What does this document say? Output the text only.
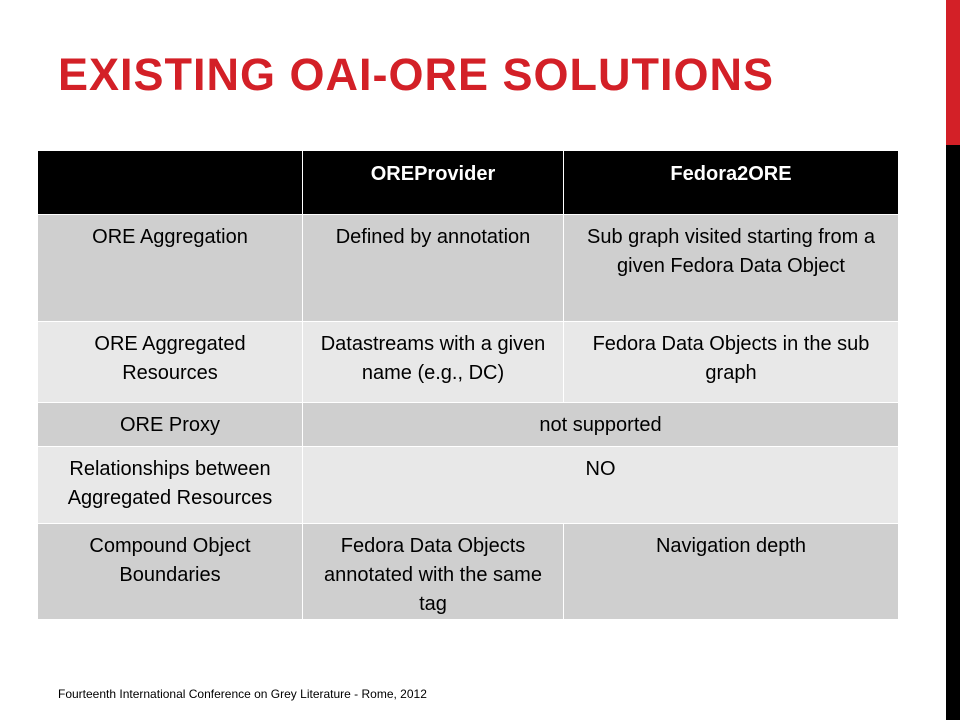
EXISTING OAI-ORE SOLUTIONS
	OREProvider	Fedora2ORE
ORE Aggregation	Defined by annotation	Sub graph visited starting from a given Fedora Data Object
ORE Aggregated Resources	Datastreams with a given name (e.g., DC)	Fedora Data Objects in the sub graph
ORE Proxy	not supported	
Relationships between Aggregated Resources	NO	
Compound Object Boundaries	Fedora Data Objects annotated with the same tag	Navigation depth
Fourteenth International Conference on Grey Literature - Rome, 2012
